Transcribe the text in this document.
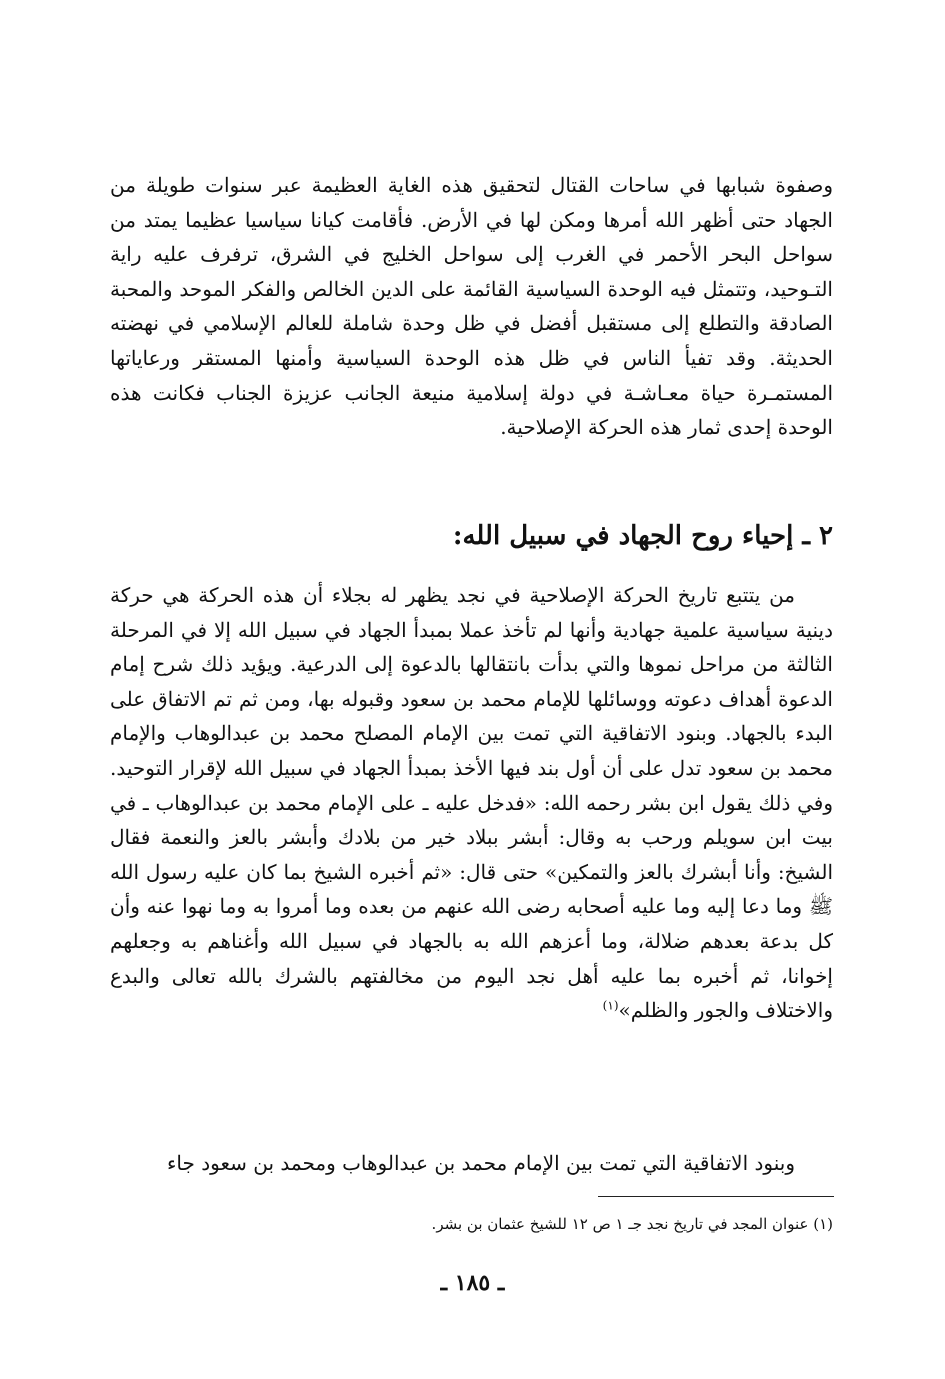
وصفوة شبابها في ساحات القتال لتحقيق هذه الغاية العظيمة عبر سنوات طويلة من الجهاد حتى أظهر الله أمرها ومكن لها في الأرض. فأقامت كيانا سياسيا عظيما يمتد من سواحل البحر الأحمر في الغرب إلى سواحل الخليج في الشرق، ترفرف عليه راية التـوحيد، وتتمثل فيه الوحدة السياسية القائمة على الدين الخالص والفكر الموحد والمحبة الصادقة والتطلع إلى مستقبل أفضل في ظل وحدة شاملة للعالم الإسلامي في نهضته الحديثة. وقد تفيأ الناس في ظل هذه الوحدة السياسية وأمنها المستقر ورعاياتها المستمـرة حياة معـاشـة في دولة إسلامية منيعة الجانب عزيزة الجناب فكانت هذه الوحدة إحدى ثمار هذه الحركة الإصلاحية.

٢ ـ إحياء روح الجهاد في سبيل الله:

من يتتبع تاريخ الحركة الإصلاحية في نجد يظهر له بجلاء أن هذه الحركة هي حركة دينية سياسية علمية جهادية وأنها لم تأخذ عملا بمبدأ الجهاد في سبيل الله إلا في المرحلة الثالثة من مراحل نموها والتي بدأت بانتقالها بالدعوة إلى الدرعية. ويؤيد ذلك شرح إمام الدعوة أهداف دعوته ووسائلها للإمام محمد بن سعود وقبوله بها، ومن ثم تم الاتفاق على البدء بالجهاد. وبنود الاتفاقية التي تمت بين الإمام المصلح محمد بن عبدالوهاب والإمام محمد بن سعود تدل على أن أول بند فيها الأخذ بمبدأ الجهاد في سبيل الله لإقرار التوحيد. وفي ذلك يقول ابن بشر رحمه الله: «فدخل عليه ـ على الإمام محمد بن عبدالوهاب ـ في بيت ابن سويلم ورحب به وقال: أبشر ببلاد خير من بلادك وأبشر بالعز والنعمة فقال الشيخ: وأنا أبشرك بالعز والتمكين» حتى قال: «ثم أخبره الشيخ بما كان عليه رسول الله ﷺ وما دعا إليه وما عليه أصحابه رضى الله عنهم من بعده وما أمروا به وما نهوا عنه وأن كل بدعة بعدهم ضلالة، وما أعزهم الله به بالجهاد في سبيل الله وأغناهم به وجعلهم إخوانا، ثم أخبره بما عليه أهل نجد اليوم من مخالفتهم بالشرك بالله تعالى والبدع والاختلاف والجور والظلم»$^{(١)}$

وبنود الاتفاقية التي تمت بين الإمام محمد بن عبدالوهاب ومحمد بن سعود جاء

(١) عنوان المجد في تاريخ نجد جـ ١ ص ١٢ للشيخ عثمان بن بشر.

ـ ١٨٥ ـ
